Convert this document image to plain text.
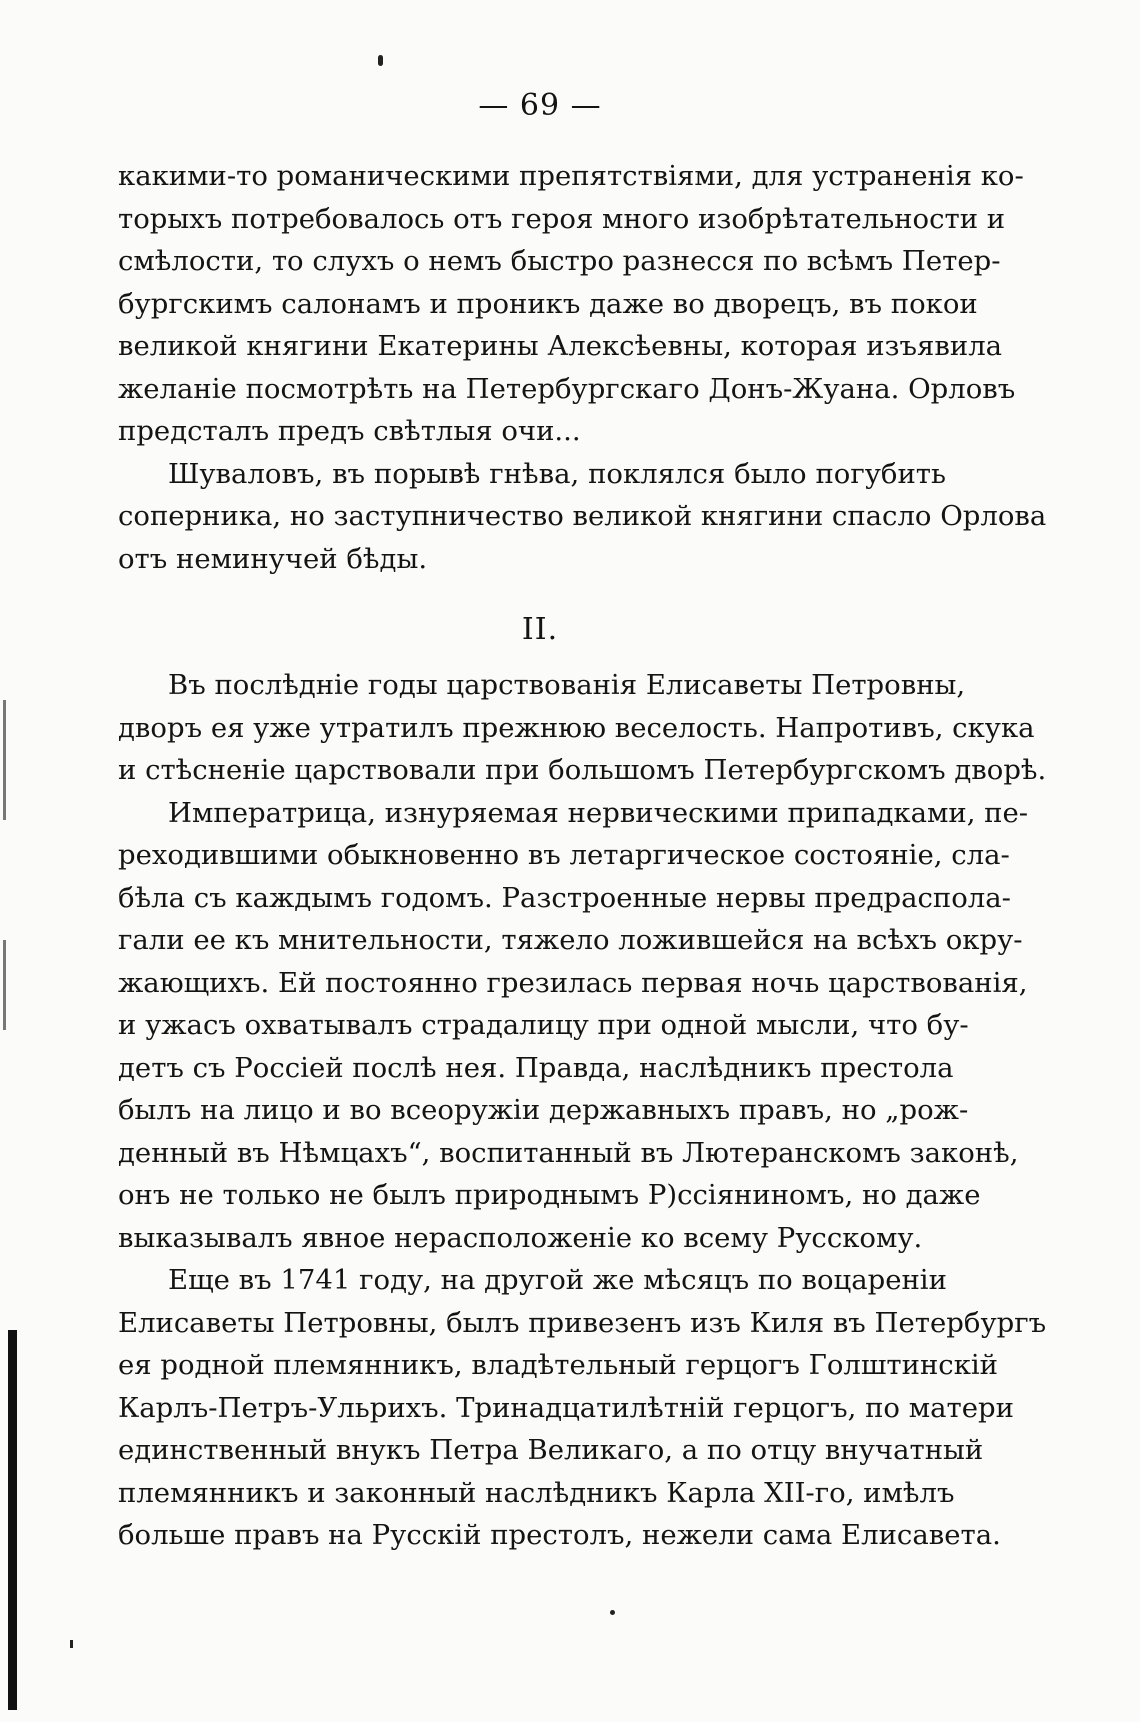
— 69 —
какими-то романическими препятствіями, для устраненія ко-
торыхъ потребовалось отъ героя много изобрѣтательности и
смѣлости, то слухъ о немъ быстро разнесся по всѣмъ Петер-
бургскимъ салонамъ и проникъ даже во дворецъ, въ покои
великой княгини Екатерины Алексѣевны, которая изъявила
желаніе посмотрѣть на Петербургскаго Донъ-Жуана. Орловъ
предсталъ предъ свѣтлыя очи...
Шуваловъ, въ порывѣ гнѣва, поклялся было погубить
соперника, но заступничество великой княгини спасло Орлова
отъ неминучей бѣды.
II.
Въ послѣдніе годы царствованія Елисаветы Петровны,
дворъ ея уже утратилъ прежнюю веселость. Напротивъ, скука
и стѣсненіе царствовали при большомъ Петербургскомъ дворѣ.
Императрица, изнуряемая нервическими припадками, пе-
реходившими обыкновенно въ летаргическое состояніе, сла-
бѣла съ каждымъ годомъ. Разстроенные нервы предраспола-
гали ее къ мнительности, тяжело ложившейся на всѣхъ окру-
жающихъ. Ей постоянно грезилась первая ночь царствованія,
и ужасъ охватывалъ страдалицу при одной мысли, что бу-
детъ съ Россіей послѣ нея. Правда, наслѣдникъ престола
былъ на лицо и во всеоружіи державныхъ правъ, но „рож-
денный въ Нѣмцахъ“, воспитанный въ Лютеранскомъ законѣ,
онъ не только не былъ природнымъ Р)ссіяниномъ, но даже
выказывалъ явное нерасположеніе ко всему Русскому.
Еще въ 1741 году, на другой же мѣсяцъ по воцареніи
Елисаветы Петровны, былъ привезенъ изъ Киля въ Петербургъ
ея родной племянникъ, владѣтельный герцогъ Голштинскій
Карлъ-Петръ-Ульрихъ. Тринадцатилѣтній герцогъ, по матери
единственный внукъ Петра Великаго, а по отцу внучатный
племянникъ и законный наслѣдникъ Карла XII-го, имѣлъ
больше правъ на Русскій престолъ, нежели сама Елисавета.
